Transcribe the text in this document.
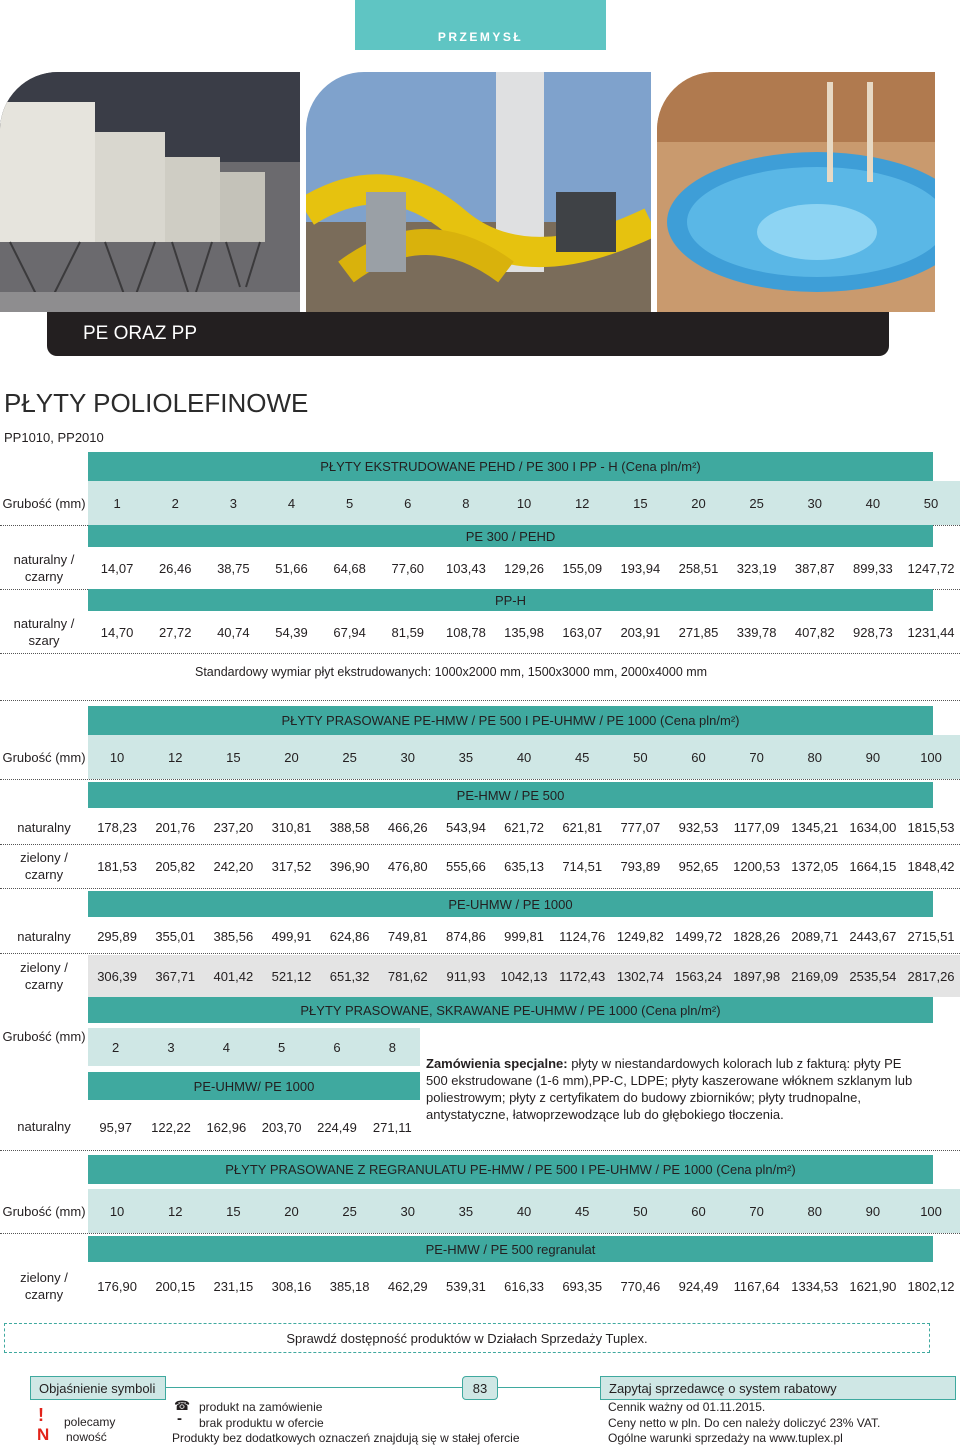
PRZEMYSŁ
PE ORAZ PP
PŁYTY POLIOLEFINOWE
PP1010, PP2010
PŁYTY EKSTRUDOWANE PEHD / PE 300 I PP - H (Cena pln/m²)
Grubość (mm)	1	2	3	4	5	6	8	10	12	15	20	25	30	40	50
PE 300 / PEHD
naturalny / czarny
14,07	26,46	38,75	51,66	64,68	77,60	103,43	129,26	155,09	193,94	258,51	323,19	387,87	899,33	1247,72
PP-H
naturalny / szary
14,70	27,72	40,74	54,39	67,94	81,59	108,78	135,98	163,07	203,91	271,85	339,78	407,82	928,73	1231,44
Standardowy wymiar płyt ekstrudowanych: 1000x2000 mm, 1500x3000 mm, 2000x4000 mm
PŁYTY PRASOWANE PE-HMW / PE 500 I PE-UHMW / PE 1000 (Cena pln/m²)
Grubość (mm)	10	12	15	20	25	30	35	40	45	50	60	70	80	90	100
PE-HMW / PE 500
naturalny	178,23	201,76	237,20	310,81	388,58	466,26	543,94	621,72	621,81	777,07	932,53	1177,09 1345,21 1634,00 1815,53
zielony / czarny
181,53	205,82	242,20	317,52	396,90	476,80	555,66	635,13	714,51	793,89	952,65	1200,53 1372,05 1664,15 1848,42
PE-UHMW / PE 1000
naturalny	295,89	355,01	385,56	499,91	624,86	749,81	874,86	999,81	1124,76 1249,82 1499,72 1828,26 2089,71 2443,67 2715,51
zielony / czarny
306,39	367,71	401,42	521,12	651,32	781,62	911,93	1042,13 1172,43 1302,74 1563,24 1897,98 2169,09 2535,54 2817,26
PŁYTY PRASOWANE, SKRAWANE PE-UHMW / PE 1000 (Cena pln/m²)
Grubość (mm)
2	3	4	5	6	8
PE-UHMW/ PE 1000
naturalny	95,97	122,22	162,96	203,70	224,49	271,11
Zamówienia specjalne: płyty w niestandardowych kolorach lub z fakturą: płyty PE 500 ekstrudowane (1-6 mm),PP-C, LDPE; płyty kaszerowane włóknem szklanym lub poliestrowym; płyty z certyfikatem do budowy zbiorników; płyty trudnopalne, antystatyczne, łatwoprzewodzące lub do głębokiego tłoczenia.
PŁYTY PRASOWANE Z REGRANULATU PE-HMW / PE 500 I PE-UHMW / PE 1000 (Cena pln/m²)
Grubość (mm)	10	12	15	20	25	30	35	40	45	50	60	70	80	90	100
PE-HMW / PE 500 regranulat
zielony / czarny
176,90	200,15	231,15	308,16	385,18	462,29	539,31	616,33	693,35	770,46	924,49	1167,64 1334,53 1621,90 1802,12
Sprawdź dostępność produktów w Działach Sprzedaży Tuplex.
Objaśnienie symboli	83	Zapytaj sprzedawcę o system rabatowy
! polecamy
N nowość
☎ produkt na zamówienie
- brak produktu w ofercie
Produkty bez dodatkowych oznaczeń znajdują się w stałej ofercie
Cennik ważny od 01.11.2015.
Ceny netto w pln. Do cen należy doliczyć 23% VAT.
Ogólne warunki sprzedaży na www.tuplex.pl
